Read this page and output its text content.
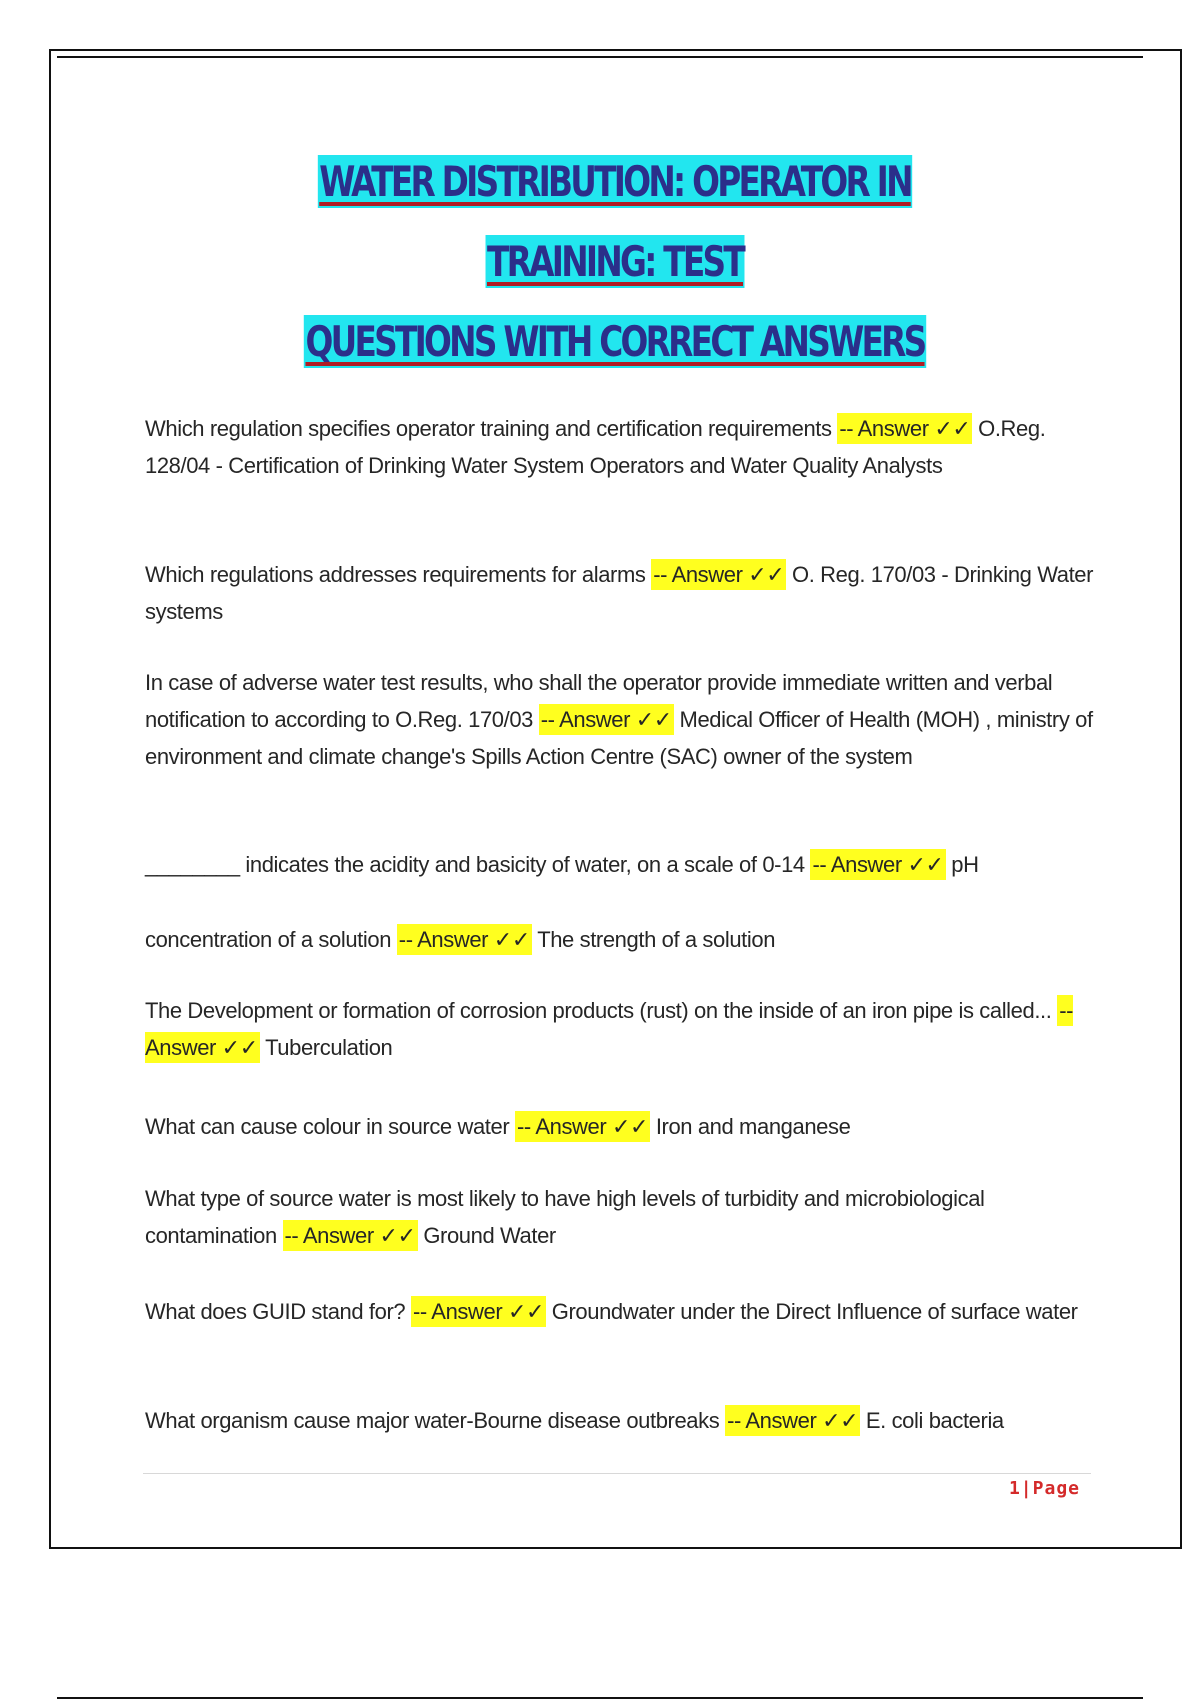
WATER DISTRIBUTION: OPERATOR IN TRAINING: TEST
QUESTIONS WITH CORRECT ANSWERS

Which regulation specifies operator training and certification requirements -- Answer ✓✓ O.Reg. 128/04 - Certification of Drinking Water System Operators and Water Quality Analysts

Which regulations addresses requirements for alarms -- Answer ✓✓ O. Reg. 170/03 - Drinking Water systems

In case of adverse water test results, who shall the operator provide immediate written and verbal notification to according to O.Reg. 170/03 -- Answer ✓✓ Medical Officer of Health (MOH) , ministry of environment and climate change's Spills Action Centre (SAC) owner of the system

________ indicates the acidity and basicity of water, on a scale of 0-14 -- Answer ✓✓ pH

concentration of a solution -- Answer ✓✓ The strength of a solution

The Development or formation of corrosion products (rust) on the inside of an iron pipe is called... -- Answer ✓✓ Tuberculation

What can cause colour in source water -- Answer ✓✓ Iron and manganese

What type of source water is most likely to have high levels of turbidity and microbiological contamination -- Answer ✓✓ Ground Water

What does GUID stand for? -- Answer ✓✓ Groundwater under the Direct Influence of surface water

What organism cause major water-Bourne disease outbreaks -- Answer ✓✓ E. coli bacteria

1|Page
